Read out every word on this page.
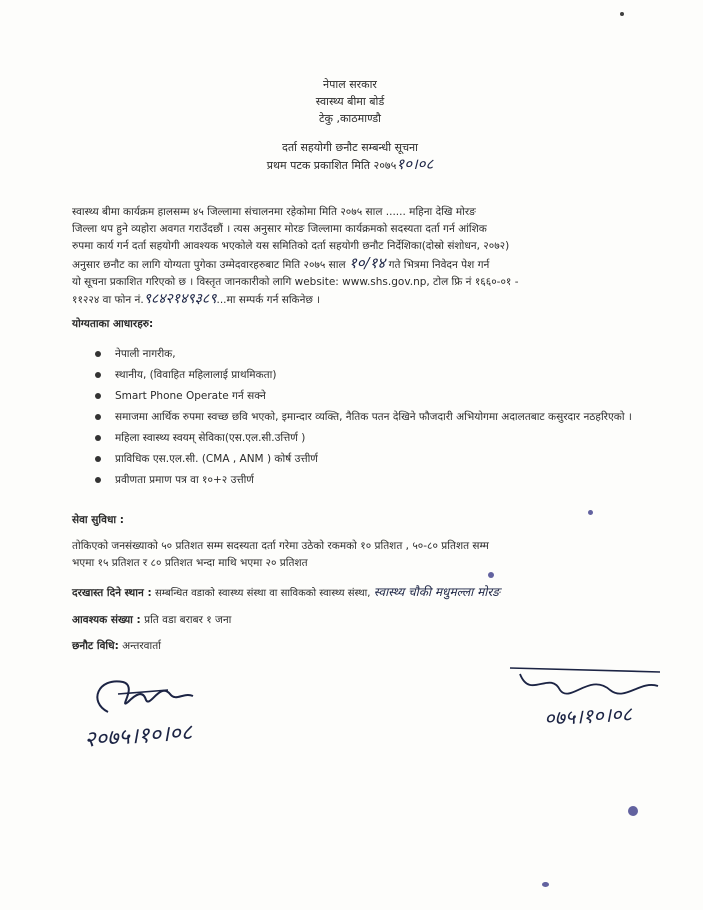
नेपाल सरकार
स्वास्थ्य बीमा बोर्ड
टेकु ,काठमाण्डौ
दर्ता सहयोगी छनौट सम्बन्धी सूचना
प्रथम पटक प्रकाशित मिति २०७५१०।०८
स्वास्थ्य बीमा कार्यक्रम हालसम्म ४५ जिल्लामा संचालनमा रहेकोमा मिति २०७५ साल ...... महिना देखि मोरङ
जिल्ला थप हुने व्यहोरा अवगत गराउँदछौं । त्यस अनुसार मोरङ जिल्लामा कार्यक्रमको सदस्यता दर्ता गर्न आंशिक
रुपमा कार्य गर्न दर्ता सहयोगी आवश्यक भएकोले यस समितिको दर्ता सहयोगी छनौट निर्देशिका(दोस्रो संशोधन, २०७२)
अनुसार छनौट का लागि योग्यता पुगेका उम्मेदवारहरुबाट मिति २०७५ साल १०/१४ गते भित्रमा निवेदन पेश गर्न
यो सूचना प्रकाशित गरिएको छ । विस्तृत जानकारीको लागि website: www.shs.gov.np, टोल फ्रि नं १६६०-०१ -
११२२४ वा फोन नं.९८४२१४९३८९...मा सम्पर्क गर्न सकिनेछ ।
योग्यताका आधारहरु:
नेपाली नागरीक,
स्थानीय, (विवाहित महिलालाई प्राथमिकता)
Smart Phone Operate गर्न सक्ने
समाजमा आर्थिक रुपमा स्वच्छ छवि भएको, इमान्दार व्यक्ति, नैतिक पतन देखिने फौजदारी अभियोगमा अदालतबाट कसुरदार नठहरिएको ।
महिला स्वास्थ्य स्वयम् सेविका(एस.एल.सी.उत्तिर्ण )
प्राविधिक एस.एल.सी. (CMA , ANM ) कोर्ष उत्तीर्ण
प्रवीणता प्रमाण पत्र वा १०+२ उत्तीर्ण
सेवा सुविधा :
तोकिएको जनसंख्याको ५० प्रतिशत सम्म सदस्यता दर्ता गरेमा उठेको रकमको १० प्रतिशत , ५०-८० प्रतिशत सम्म
भएमा १५ प्रतिशत र ८० प्रतिशत भन्दा माथि भएमा २० प्रतिशत
दरखास्त दिने स्थान : सम्बन्धित वडाको स्वास्थ्य संस्था वा साविकको स्वास्थ्य संस्था, स्वास्थ्य चौकी मधुमल्ला मोरङ
आवश्यक संख्या : प्रति वडा बराबर १ जना
छनौट विधि: अन्तरवार्ता
२०७५।१०।०८
०७५।१०।०८
